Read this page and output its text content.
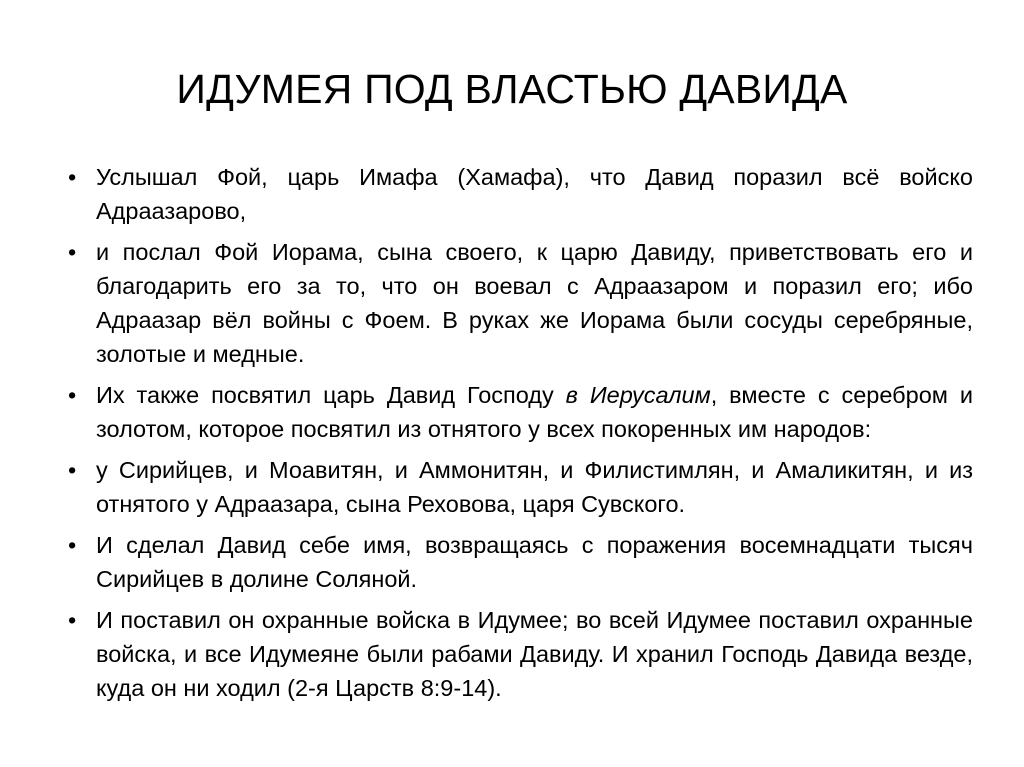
ИДУМЕЯ ПОД ВЛАСТЬЮ ДАВИДА
• Услышал Фой, царь Имафа (Хамафа), что Давид поразил всё войско Адраазарово,
• и послал Фой Иорама, сына своего, к царю Давиду, приветствовать его и благодарить его за то, что он воевал с Адраазаром и поразил его; ибо Адраазар вёл войны с Фоем. В руках же Иорама были сосуды серебряные, золотые и медные.
• Их также посвятил царь Давид Господу в Иерусалим, вместе с серебром и золотом, которое посвятил из отнятого у всех покоренных им народов:
• у Сирийцев, и Моавитян, и Аммонитян, и Филистимлян, и Амаликитян, и из отнятого у Адраазара, сына Реховова, царя Сувского.
• И сделал Давид себе имя, возвращаясь с поражения восемнадцати тысяч Сирийцев в долине Соляной.
• И поставил он охранные войска в Идумее; во всей Идумее поставил охранные войска, и все Идумеяне были рабами Давиду. И хранил Господь Давида везде, куда он ни ходил (2-я Царств 8:9-14).
